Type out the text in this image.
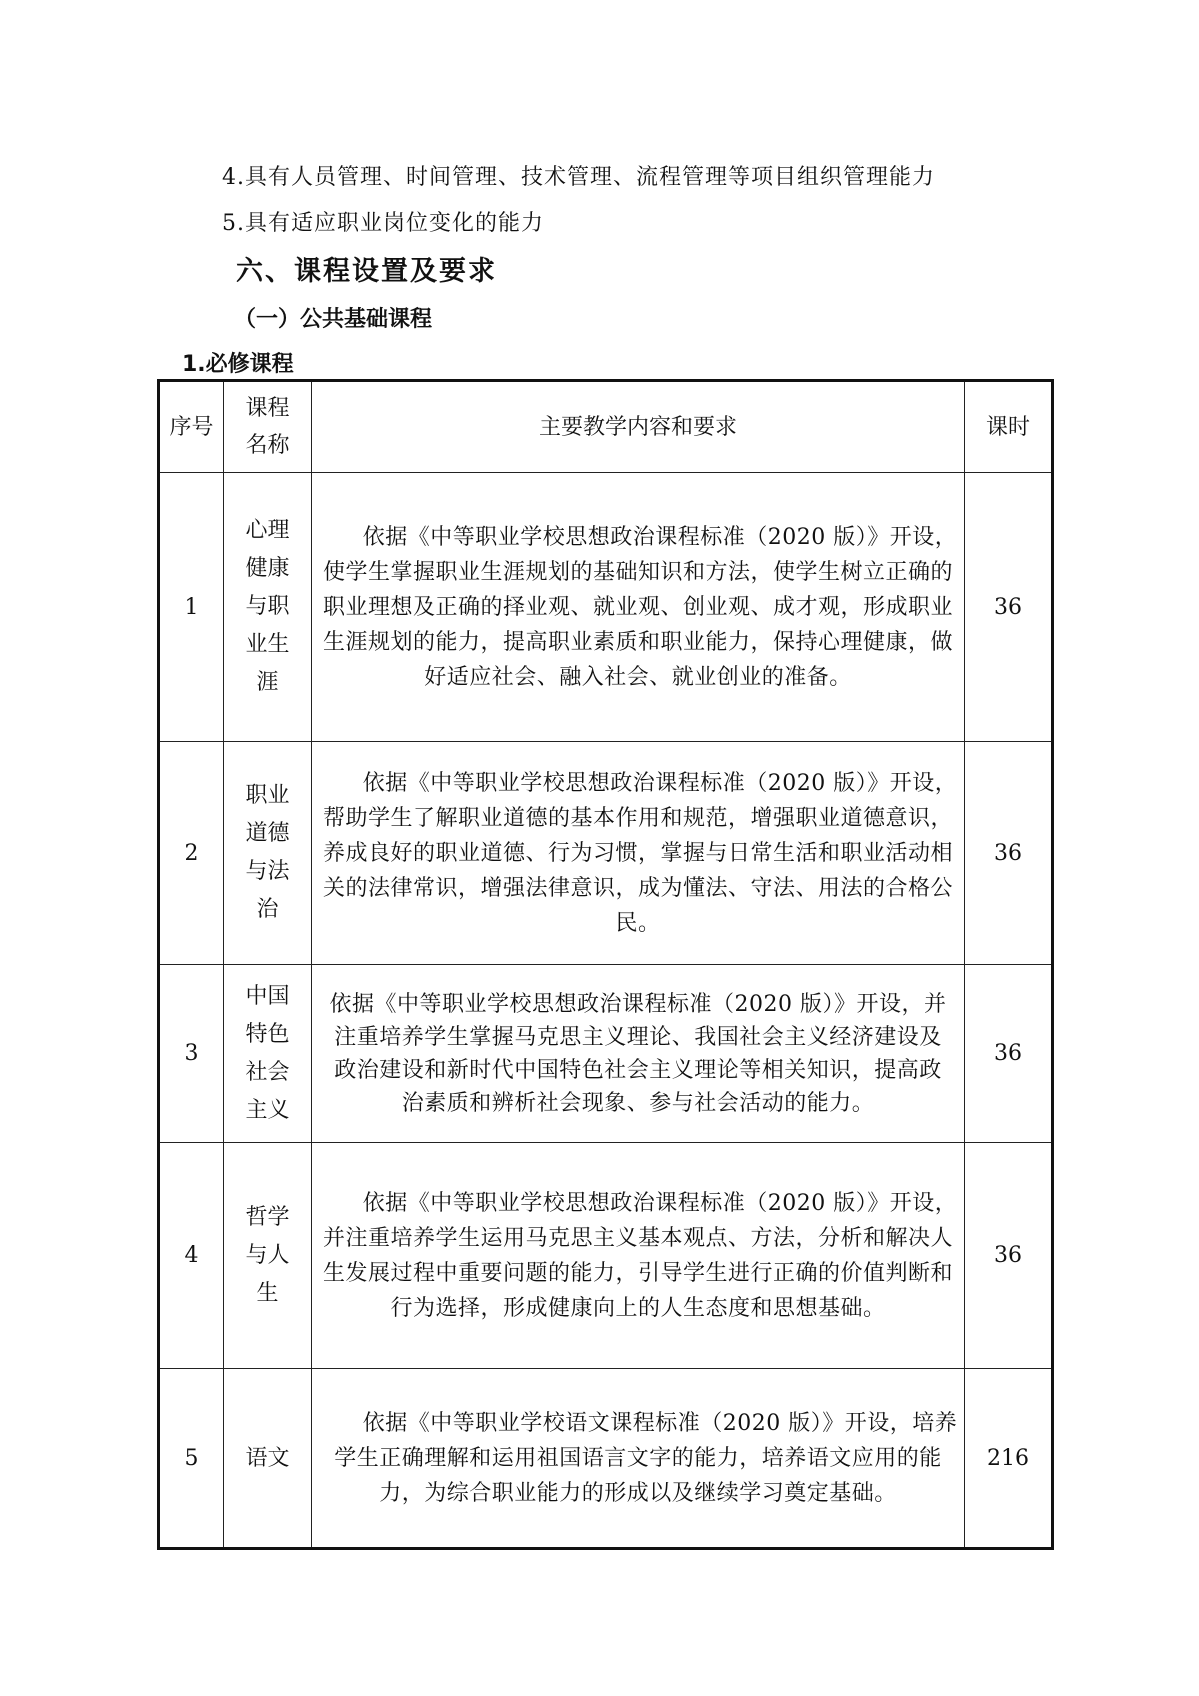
4.具有人员管理、时间管理、技术管理、流程管理等项目组织管理能力
5.具有适应职业岗位变化的能力
六、课程设置及要求
（一）公共基础课程
1.必修课程
序号	课程名称	主要教学内容和要求	课时
1	心理健康与职业生涯	依据《中等职业学校思想政治课程标准（2020 版）》开设，使学生掌握职业生涯规划的基础知识和方法，使学生树立正确的职业理想及正确的择业观、就业观、创业观、成才观，形成职业生涯规划的能力，提高职业素质和职业能力，保持心理健康，做好适应社会、融入社会、就业创业的准备。	36
2	职业道德与法治	依据《中等职业学校思想政治课程标准（2020 版）》开设，帮助学生了解职业道德的基本作用和规范，增强职业道德意识，养成良好的职业道德、行为习惯，掌握与日常生活和职业活动相关的法律常识，增强法律意识，成为懂法、守法、用法的合格公民。	36
3	中国特色社会主义	依据《中等职业学校思想政治课程标准（2020 版）》开设，并注重培养学生掌握马克思主义理论、我国社会主义经济建设及政治建设和新时代中国特色社会主义理论等相关知识，提高政治素质和辨析社会现象、参与社会活动的能力。	36
4	哲学与人生	依据《中等职业学校思想政治课程标准（2020 版）》开设，并注重培养学生运用马克思主义基本观点、方法，分析和解决人生发展过程中重要问题的能力，引导学生进行正确的价值判断和行为选择，形成健康向上的人生态度和思想基础。	36
5	语文	依据《中等职业学校语文课程标准（2020 版）》开设，培养学生正确理解和运用祖国语言文字的能力，培养语文应用的能力，为综合职业能力的形成以及继续学习奠定基础。	216
